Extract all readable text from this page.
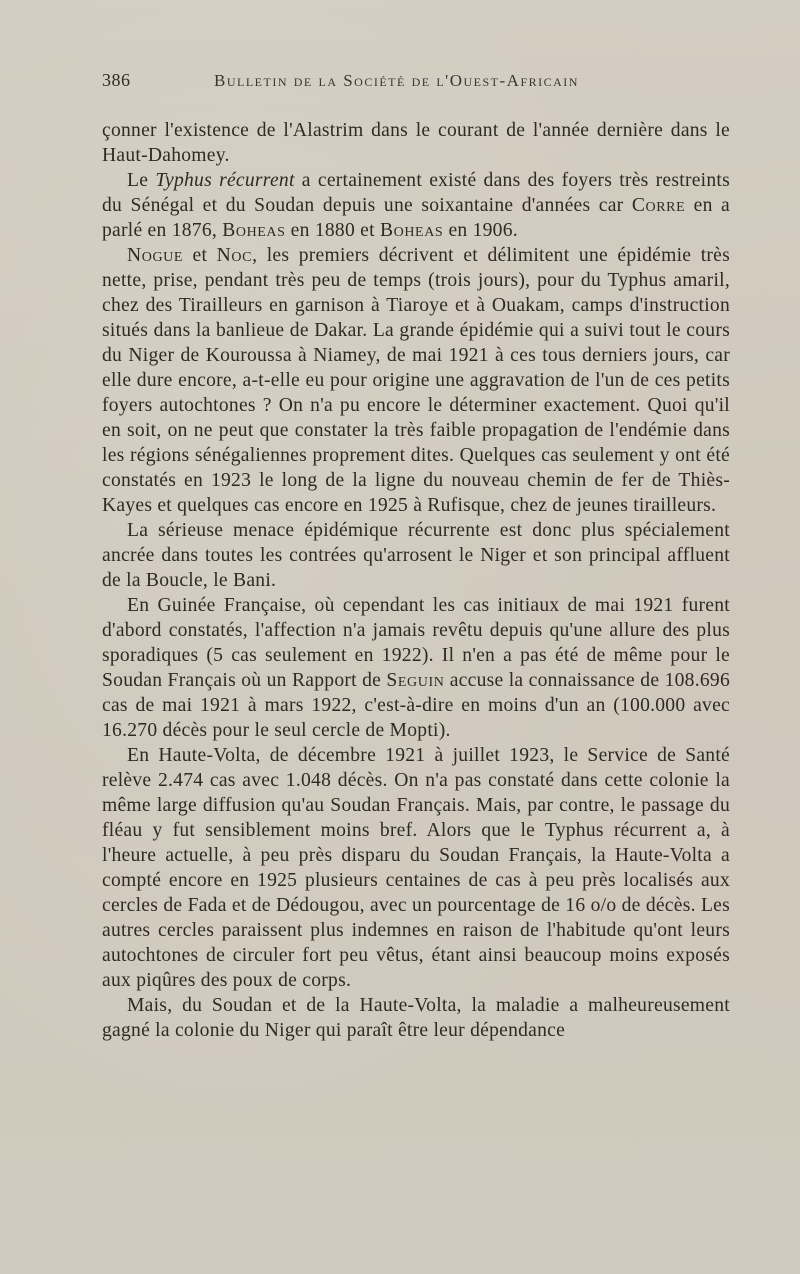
386	Bulletin de la Société de l'Ouest-Africain

çonner l'existence de l'Alastrim dans le courant de l'année dernière dans le Haut-Dahomey.

Le Typhus récurrent a certainement existé dans des foyers très restreints du Sénégal et du Soudan depuis une soixantaine d'années car Corre en a parlé en 1876, Boheas en 1880 et Boheas en 1906.

Nogue et Noc, les premiers décrivent et délimitent une épidémie très nette, prise, pendant très peu de temps (trois jours), pour du Typhus amaril, chez des Tirailleurs en garnison à Tiaroye et à Ouakam, camps d'instruction situés dans la banlieue de Dakar. La grande épidémie qui a suivi tout le cours du Niger de Kouroussa à Niamey, de mai 1921 à ces tous derniers jours, car elle dure encore, a-t-elle eu pour origine une aggravation de l'un de ces petits foyers autochtones ? On n'a pu encore le déterminer exactement. Quoi qu'il en soit, on ne peut que constater la très faible propagation de l'endémie dans les régions sénégaliennes proprement dites. Quelques cas seulement y ont été constatés en 1923 le long de la ligne du nouveau chemin de fer de Thiès-Kayes et quelques cas encore en 1925 à Rufisque, chez de jeunes tirailleurs.

La sérieuse menace épidémique récurrente est donc plus spécialement ancrée dans toutes les contrées qu'arrosent le Niger et son principal affluent de la Boucle, le Bani.

En Guinée Française, où cependant les cas initiaux de mai 1921 furent d'abord constatés, l'affection n'a jamais revêtu depuis qu'une allure des plus sporadiques (5 cas seulement en 1922). Il n'en a pas été de même pour le Soudan Français où un Rapport de Seguin accuse la connaissance de 108.696 cas de mai 1921 à mars 1922, c'est-à-dire en moins d'un an (100.000 avec 16.270 décès pour le seul cercle de Mopti).

En Haute-Volta, de décembre 1921 à juillet 1923, le Service de Santé relève 2.474 cas avec 1.048 décès. On n'a pas constaté dans cette colonie la même large diffusion qu'au Soudan Français. Mais, par contre, le passage du fléau y fut sensiblement moins bref. Alors que le Typhus récurrent a, à l'heure actuelle, à peu près disparu du Soudan Français, la Haute-Volta a compté encore en 1925 plusieurs centaines de cas à peu près localisés aux cercles de Fada et de Dédougou, avec un pourcentage de 16 o/o de décès. Les autres cercles paraissent plus indemnes en raison de l'habitude qu'ont leurs autochtones de circuler fort peu vêtus, étant ainsi beaucoup moins exposés aux piqûres des poux de corps.

Mais, du Soudan et de la Haute-Volta, la maladie a malheureusement gagné la colonie du Niger qui paraît être leur dépendance
